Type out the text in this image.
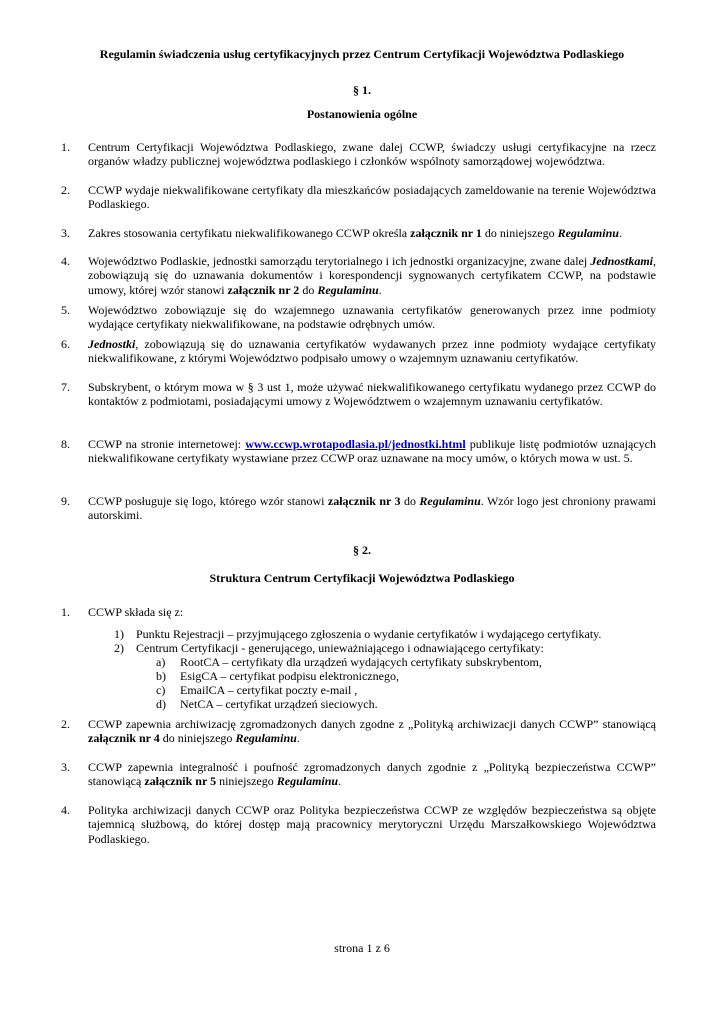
Regulamin świadczenia usług certyfikacyjnych przez Centrum Certyfikacji Województwa Podlaskiego
§ 1.
Postanowienia ogólne
1. Centrum Certyfikacji Województwa Podlaskiego, zwane dalej CCWP, świadczy usługi certyfikacyjne na rzecz organów władzy publicznej województwa podlaskiego i członków wspólnoty samorządowej województwa.
2. CCWP wydaje niekwalifikowane certyfikaty dla mieszkańców posiadających zameldowanie na terenie Województwa Podlaskiego.
3. Zakres stosowania certyfikatu niekwalifikowanego CCWP określa załącznik nr 1 do niniejszego Regulaminu.
4. Województwo Podlaskie, jednostki samorządu terytorialnego i ich jednostki organizacyjne, zwane dalej Jednostkami, zobowiązują się do uznawania dokumentów i korespondencji sygnowanych certyfikatem CCWP, na podstawie umowy, której wzór stanowi załącznik nr 2 do Regulaminu.
5. Województwo zobowiązuje się do wzajemnego uznawania certyfikatów generowanych przez inne podmioty wydające certyfikaty niekwalifikowane, na podstawie odrębnych umów.
6. Jednostki, zobowiązują się do uznawania certyfikatów wydawanych przez inne podmioty wydające certyfikaty niekwalifikowane, z którymi Województwo podpisało umowy o wzajemnym uznawaniu certyfikatów.
7. Subskrybent, o którym mowa w § 3 ust 1, może używać niekwalifikowanego certyfikatu wydanego przez CCWP do kontaktów z podmiotami, posiadającymi umowy z Województwem o wzajemnym uznawaniu certyfikatów.
8. CCWP na stronie internetowej: www.ccwp.wrotapodlasia.pl/jednostki.html publikuje listę podmiotów uznających niekwalifikowane certyfikaty wystawiane przez CCWP oraz uznawane na mocy umów, o których mowa w ust. 5.
9. CCWP posługuje się logo, którego wzór stanowi załącznik nr 3 do Regulaminu. Wzór logo jest chroniony prawami autorskimi.
§ 2.
Struktura Centrum Certyfikacji Województwa Podlaskiego
1. CCWP składa się z:
1) Punktu Rejestracji – przyjmującego zgłoszenia o wydanie certyfikatów i wydającego certyfikaty.
2) Centrum Certyfikacji - generującego, unieważniającego i odnawiającego certyfikaty:
a) RootCA – certyfikaty dla urządzeń wydających certyfikaty subskrybentom,
b) EsigCA – certyfikat podpisu elektronicznego,
c) EmailCA – certyfikat poczty e-mail ,
d) NetCA – certyfikat urządzeń sieciowych.
2. CCWP zapewnia archiwizację zgromadzonych danych zgodne z „Polityką archiwizacji danych CCWP” stanowiącą załącznik nr 4 do niniejszego Regulaminu.
3. CCWP zapewnia integralność i poufność zgromadzonych danych zgodnie z „Polityką bezpieczeństwa CCWP” stanowiącą załącznik nr 5 niniejszego Regulaminu.
4. Polityka archiwizacji danych CCWP oraz Polityka bezpieczeństwa CCWP ze względów bezpieczeństwa są objęte tajemnicą służbową, do której dostęp mają pracownicy merytoryczni Urzędu Marszałkowskiego Województwa Podlaskiego.
strona 1 z 6
